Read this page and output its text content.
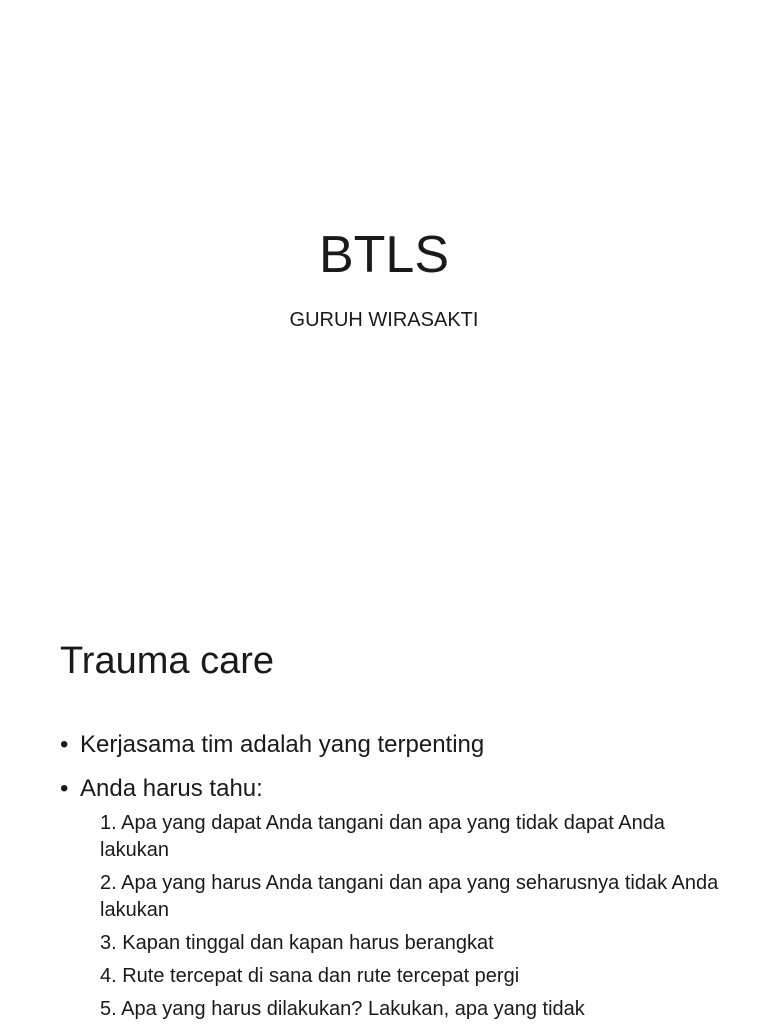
BTLS

GURUH WIRASAKTI

Trauma care
• Kerjasama tim adalah yang terpenting
• Anda harus tahu:
1. Apa yang dapat Anda tangani dan apa yang tidak dapat Anda lakukan
2. Apa yang harus Anda tangani dan apa yang seharusnya tidak Anda lakukan
3. Kapan tinggal dan kapan harus berangkat
4. Rute tercepat di sana dan rute tercepat pergi
5. Apa yang harus dilakukan? Lakukan, apa yang tidak
